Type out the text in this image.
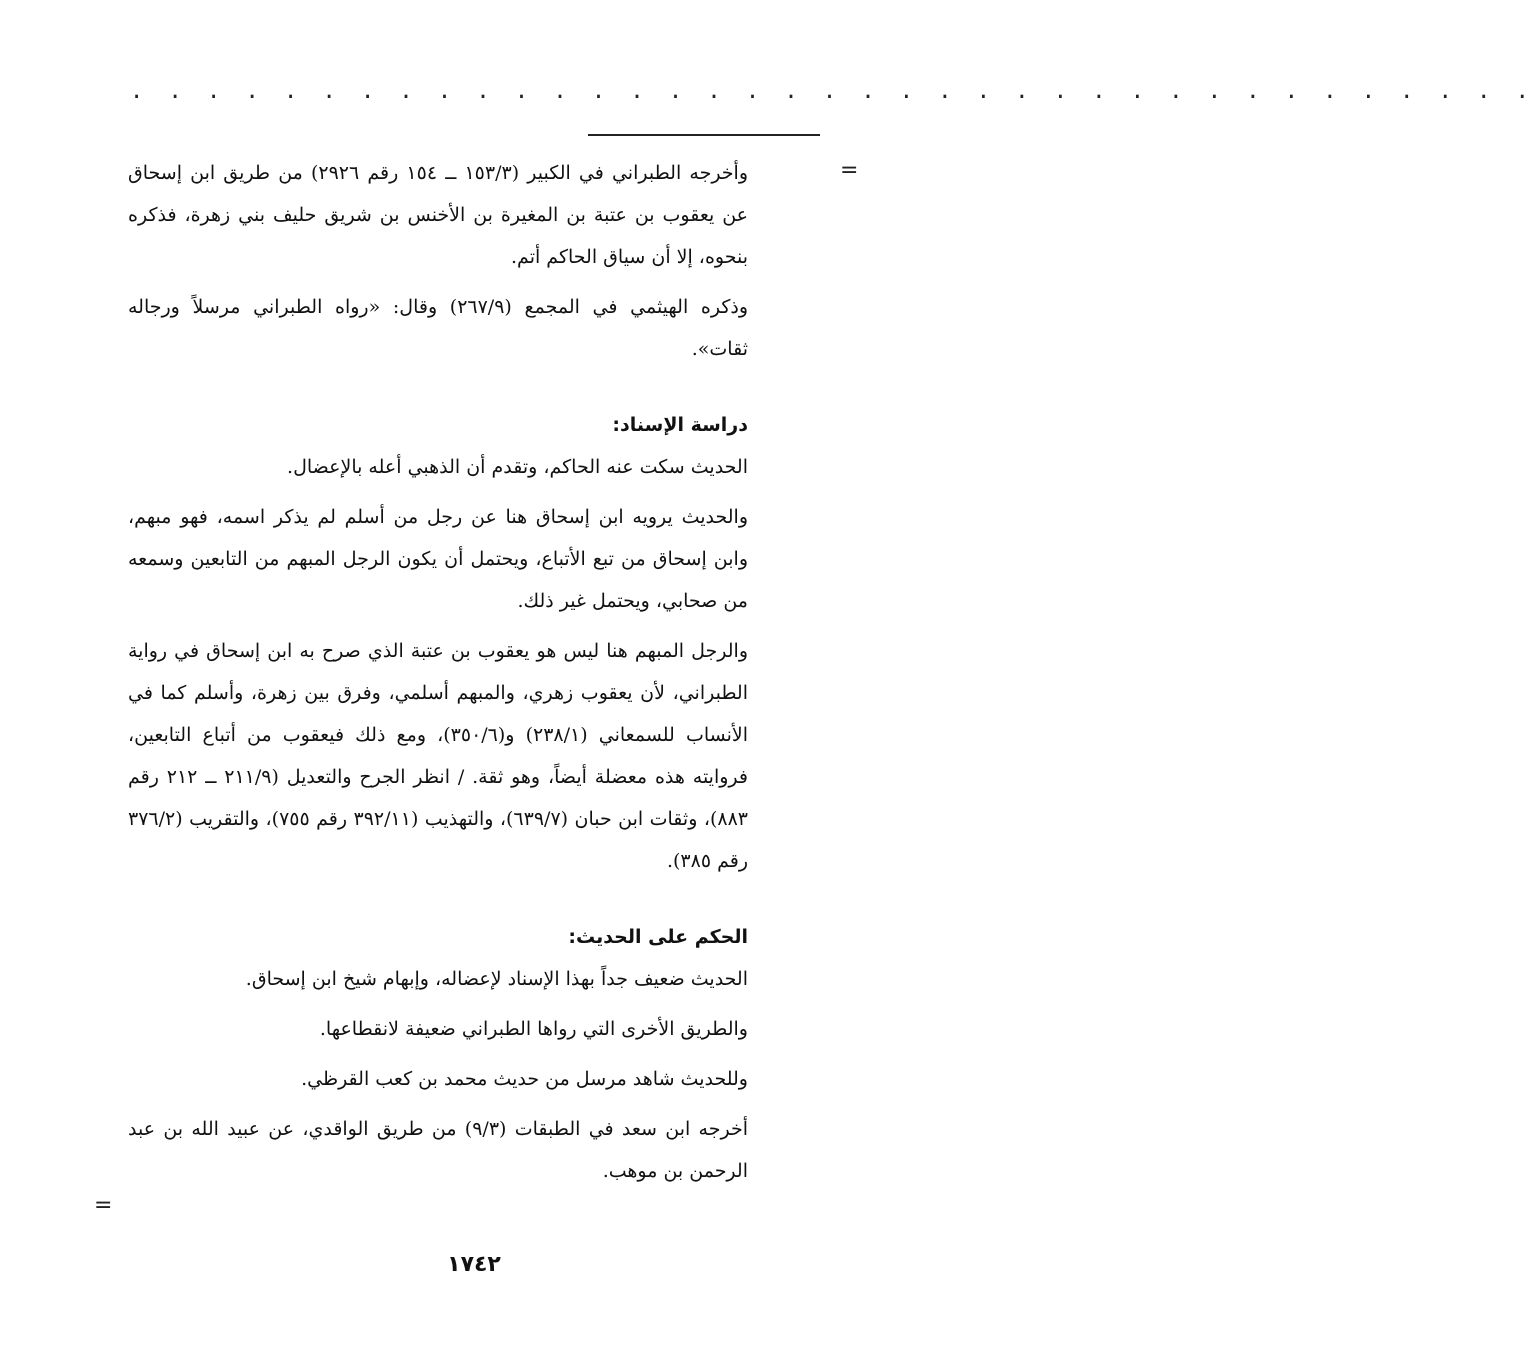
· · · · · · · · · · · · · · · · · · · · · · · · · · · · · · · · · · · · ·
=

وأخرجه الطبراني في الكبير (١٥٣/٣ ــ ١٥٤ رقم ٢٩٢٦) من طريق ابن إسحاق عن يعقوب بن عتبة بن المغيرة بن الأخنس بن شريق حليف بني زهرة، فذكره بنحوه، إلا أن سياق الحاكم أتم.

وذكره الهيثمي في المجمع (٢٦٧/٩) وقال: «رواه الطبراني مرسلاً ورجاله ثقات».

دراسة الإسناد:

الحديث سكت عنه الحاكم، وتقدم أن الذهبي أعله بالإعضال.

والحديث يرويه ابن إسحاق هنا عن رجل من أسلم لم يذكر اسمه، فهو مبهم، وابن إسحاق من تبع الأتباع، ويحتمل أن يكون الرجل المبهم من التابعين وسمعه من صحابي، ويحتمل غير ذلك.

والرجل المبهم هنا ليس هو يعقوب بن عتبة الذي صرح به ابن إسحاق في رواية الطبراني، لأن يعقوب زهري، والمبهم أسلمي، وفرق بين زهرة، وأسلم كما في الأنساب للسمعاني (٢٣٨/١) و(٣٥٠/٦)، ومع ذلك فيعقوب من أتباع التابعين، فروايته هذه معضلة أيضاً، وهو ثقة. / انظر الجرح والتعديل (٢١١/٩ ــ ٢١٢ رقم ٨٨٣)، وثقات ابن حبان (٦٣٩/٧)، والتهذيب (٣٩٢/١١ رقم ٧٥٥)، والتقريب (٣٧٦/٢ رقم ٣٨٥).

الحكم على الحديث:

الحديث ضعيف جداً بهذا الإسناد لإعضاله، وإبهام شيخ ابن إسحاق.

والطريق الأخرى التي رواها الطبراني ضعيفة لانقطاعها.

وللحديث شاهد مرسل من حديث محمد بن كعب القرظي.

أخرجه ابن سعد في الطبقات (٩/٣) من طريق الواقدي، عن عبيد الله بن عبد الرحمن بن موهب.

=
١٧٤٢
